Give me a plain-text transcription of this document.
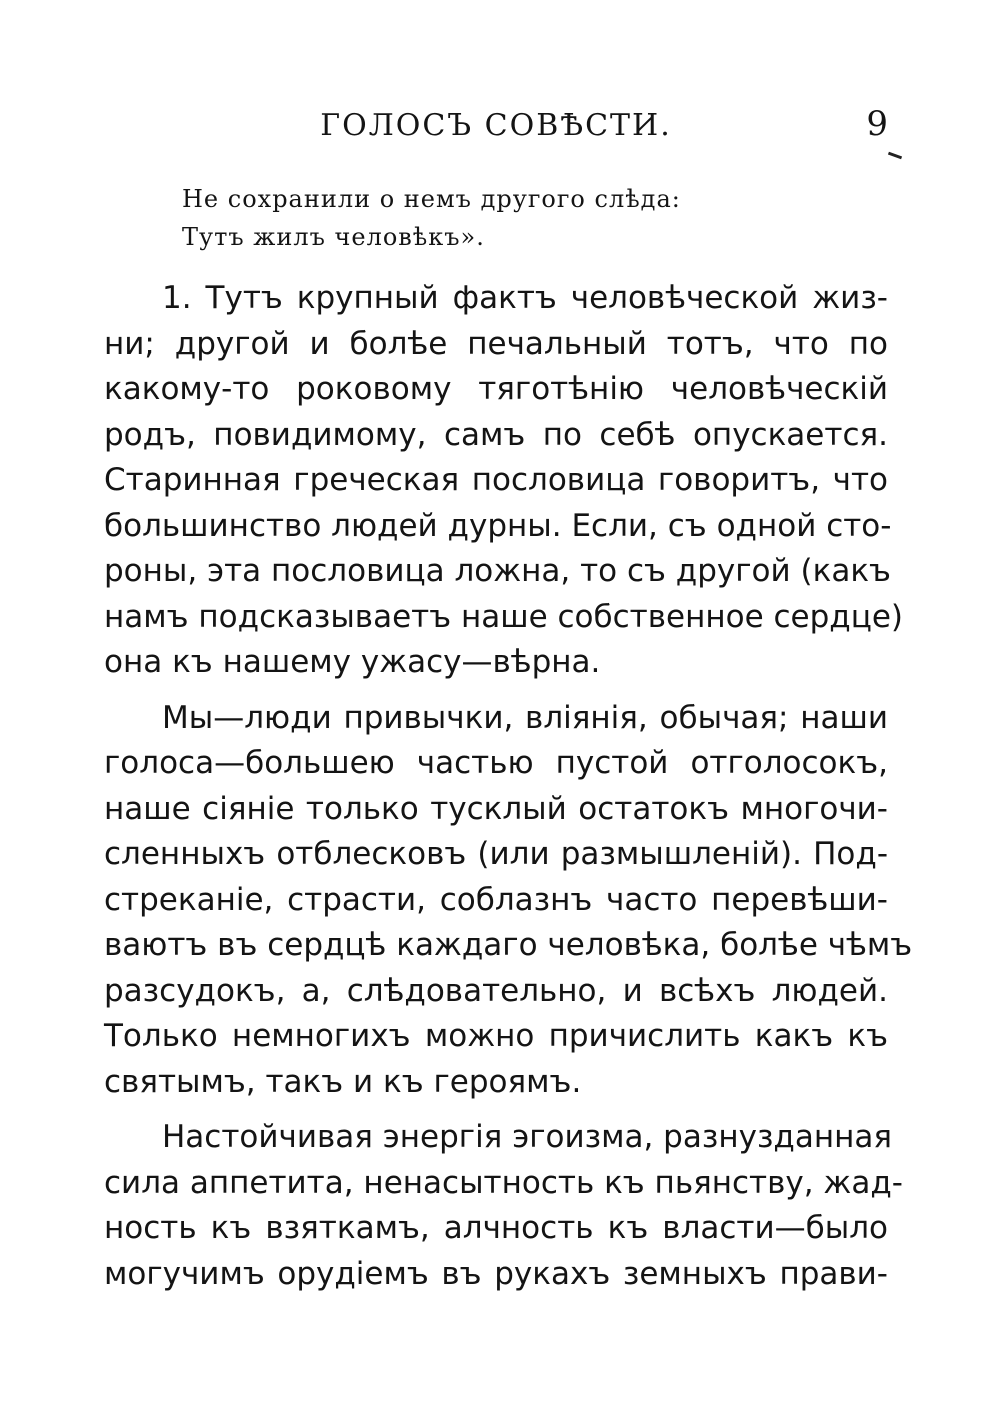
ГОЛОСЪ СОВѢСТИ.	9
Не сохранили о немъ другого слѣда:
Тутъ жилъ человѣкъ».
1. Тутъ крупный фактъ человѣческой жиз-
ни; другой и болѣе печальный тотъ, что по
какому-то роковому тяготѣнію человѣческій
родъ, повидимому, самъ по себѣ опускается.
Старинная греческая пословица говоритъ, что
большинство людей дурны. Если, съ одной сто-
роны, эта пословица ложна, то съ другой (какъ
намъ подсказываетъ наше собственное сердце)
она къ нашему ужасу—вѣрна.
Мы—люди привычки, вліянія, обычая; наши
голоса—большею частью пустой отголосокъ,
наше сіяніе только тусклый остатокъ многочи-
сленныхъ отблесковъ (или размышленій). Под-
стреканіе, страсти, соблазнъ часто перевѣши-
ваютъ въ сердцѣ каждаго человѣка, болѣе чѣмъ
разсудокъ, а, слѣдовательно, и всѣхъ людей.
Только немногихъ можно причислить какъ къ
святымъ, такъ и къ героямъ.
Настойчивая энергія эгоизма, разнузданная
сила аппетита, ненасытность къ пьянству, жад-
ность къ взяткамъ, алчность къ власти—было
могучимъ орудіемъ въ рукахъ земныхъ прави-
